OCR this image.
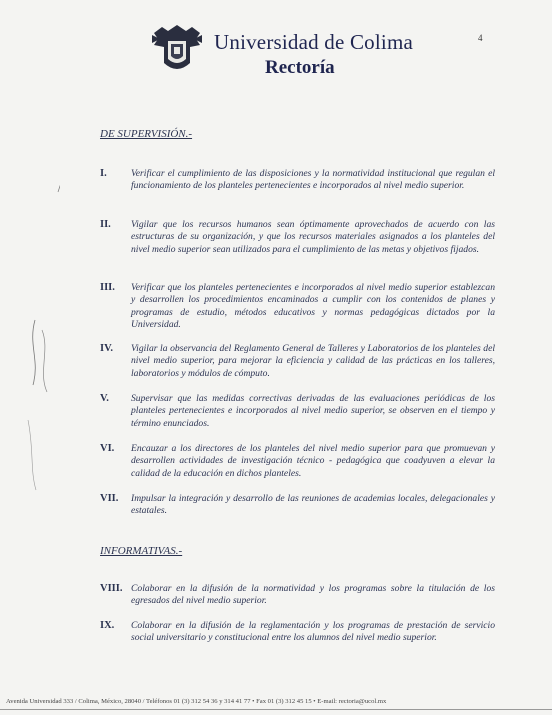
Universidad de Colima
Rectoría
4
DE SUPERVISIÓN.-
I.	Verificar el cumplimiento de las disposiciones y la normatividad institucional que regulan el funcionamiento de los planteles pertenecientes e incorporados al nivel medio superior.

II. Vigilar que los recursos humanos sean óptimamente aprovechados de acuerdo con las estructuras de su organización, y que los recursos materiales asignados a los planteles del nivel medio superior sean utilizados para el cumplimiento de las metas y objetivos fijados.

III. Verificar que los planteles pertenecientes e incorporados al nivel medio superior establezcan y desarrollen los procedimientos encaminados a cumplir con los contenidos de planes y programas de estudio, métodos educativos y normas pedagógicas dictados por la Universidad.

IV. Vigilar la observancia del Reglamento General de Talleres y Laboratorios de los planteles del nivel medio superior, para mejorar la eficiencia y calidad de las prácticas en los talleres, laboratorios y módulos de cómputo.

V. Supervisar que las medidas correctivas derivadas de las evaluaciones periódicas de los planteles pertenecientes e incorporados al nivel medio superior, se observen en el tiempo y término enunciados.

VI. Encauzar a los directores de los planteles del nivel medio superior para que promuevan y desarrollen actividades de investigación técnico - pedagógica que coadyuven a elevar la calidad de la educación en dichos planteles.

VII. Impulsar la integración y desarrollo de las reuniones de academias locales, delegacionales y estatales.

INFORMATIVAS.-
VIII. Colaborar en la difusión de la normatividad y los programas sobre la titulación de los egresados del nivel medio superior.

IX. Colaborar en la difusión de la reglamentación y los programas de prestación de servicio social universitario y constitucional entre los alumnos del nivel medio superior.

Avenida Universidad 333 / Colima, México, 28040 / Teléfonos 01 (3) 312 54 36 y 314 41 77 • Fax 01 (3) 312 45 15 • E-mail: rectoria@ucol.mx
